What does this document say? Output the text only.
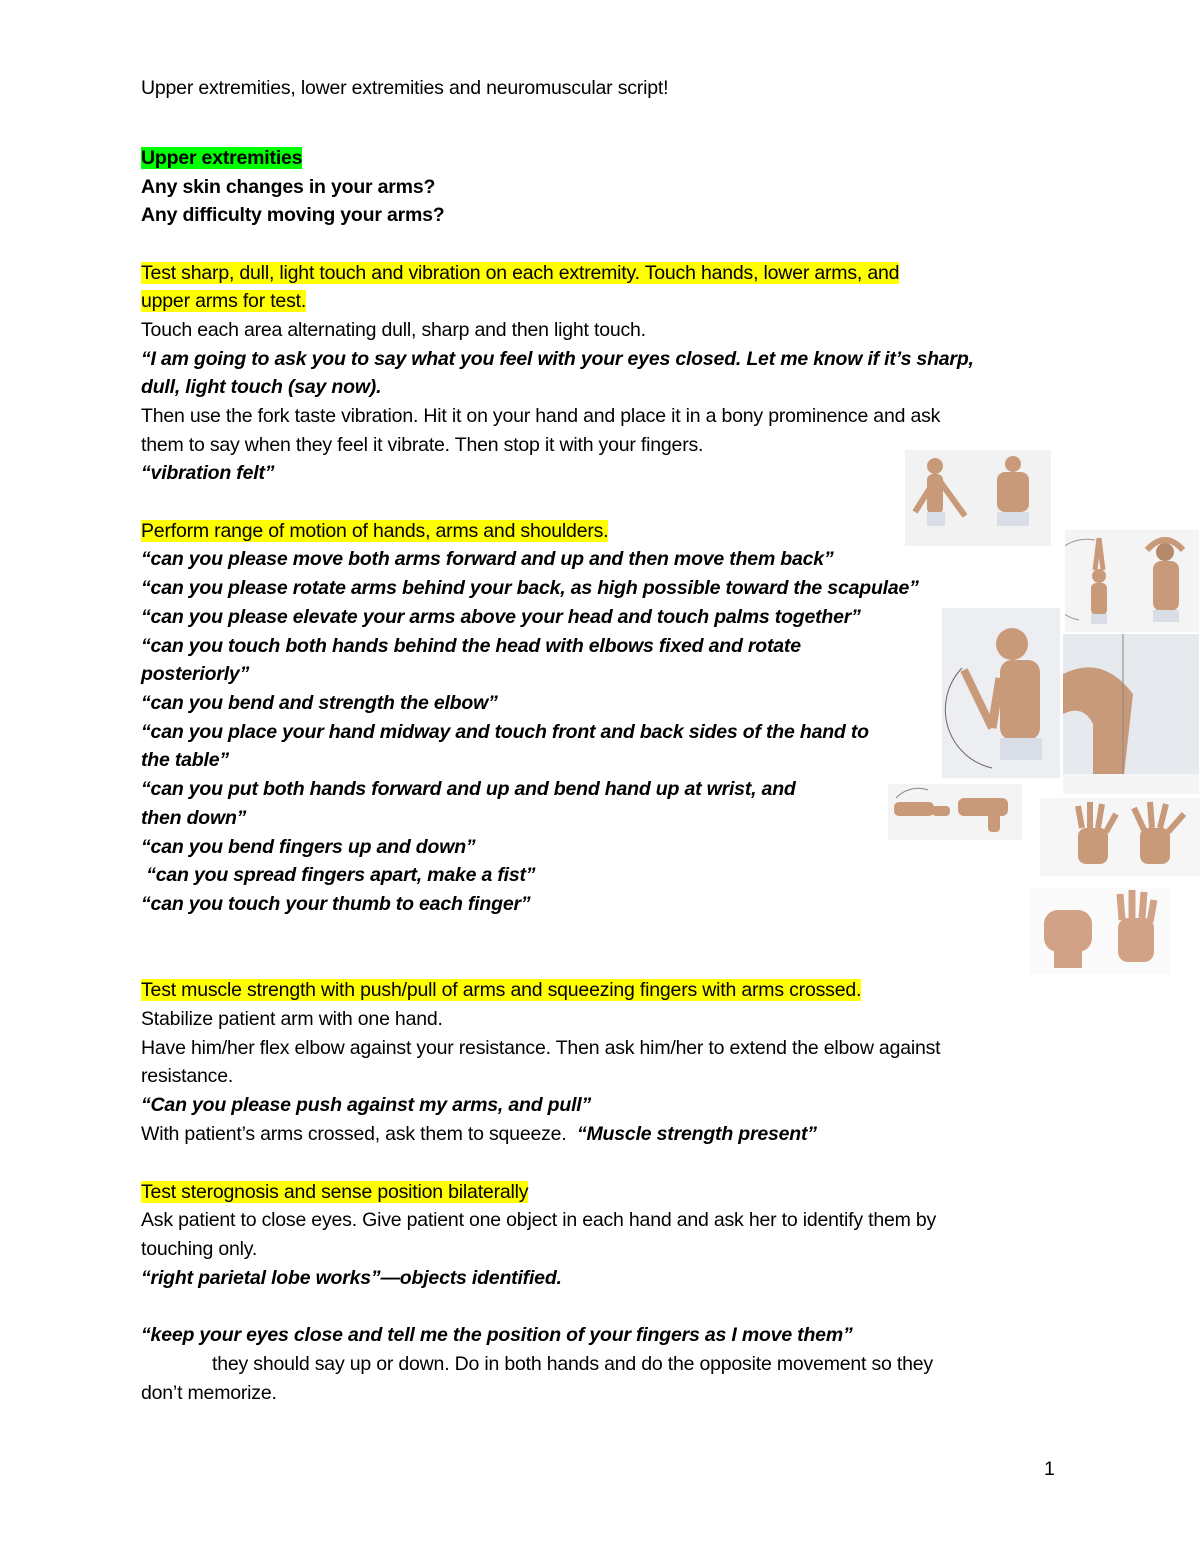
Upper extremities, lower extremities and neuromuscular script!

Upper extremities

Any skin changes in your arms?

Any difficulty moving your arms?

Test sharp, dull, light touch and vibration on each extremity. Touch hands, lower arms, and

upper arms for test.

Touch each area alternating dull, sharp and then light touch.

“I am going to ask you to say what you feel with your eyes closed. Let me know if it’s sharp,

dull, light touch (say now).

Then use the fork taste vibration. Hit it on your hand and place it in a bony prominence and ask

them to say when they feel it vibrate. Then stop it with your fingers.

“vibration felt”

Perform range of motion of hands, arms and shoulders.

“can you please move both arms forward and up and then move them back”

“can you please rotate arms behind your back, as high possible toward the scapulae”

“can you please elevate your arms above your head and touch palms together”

“can you touch both hands behind the head with elbows fixed and rotate

posteriorly”

“can you bend and strength the elbow”

“can you place your hand midway and touch front and back sides of the hand to

the table”

“can you put both hands forward and up and bend hand up at wrist, and

then down”

“can you bend fingers up and down”

“can you spread fingers apart, make a fist”

“can you touch your thumb to each finger”

Test muscle strength with push/pull of arms and squeezing fingers with arms crossed.

Stabilize patient arm with one hand.

Have him/her flex elbow against your resistance. Then ask him/her to extend the elbow against

resistance.

“Can you please push against my arms, and pull”

With patient’s arms crossed, ask them to squeeze.  “Muscle strength present”

Test sterognosis and sense position bilaterally

Ask patient to close eyes. Give patient one object in each hand and ask her to identify them by

touching only.

“right parietal lobe works”—objects identified.

“keep your eyes close and tell me the position of your fingers as I move them”

they should say up or down. Do in both hands and do the opposite movement so they

don’t memorize.

1
